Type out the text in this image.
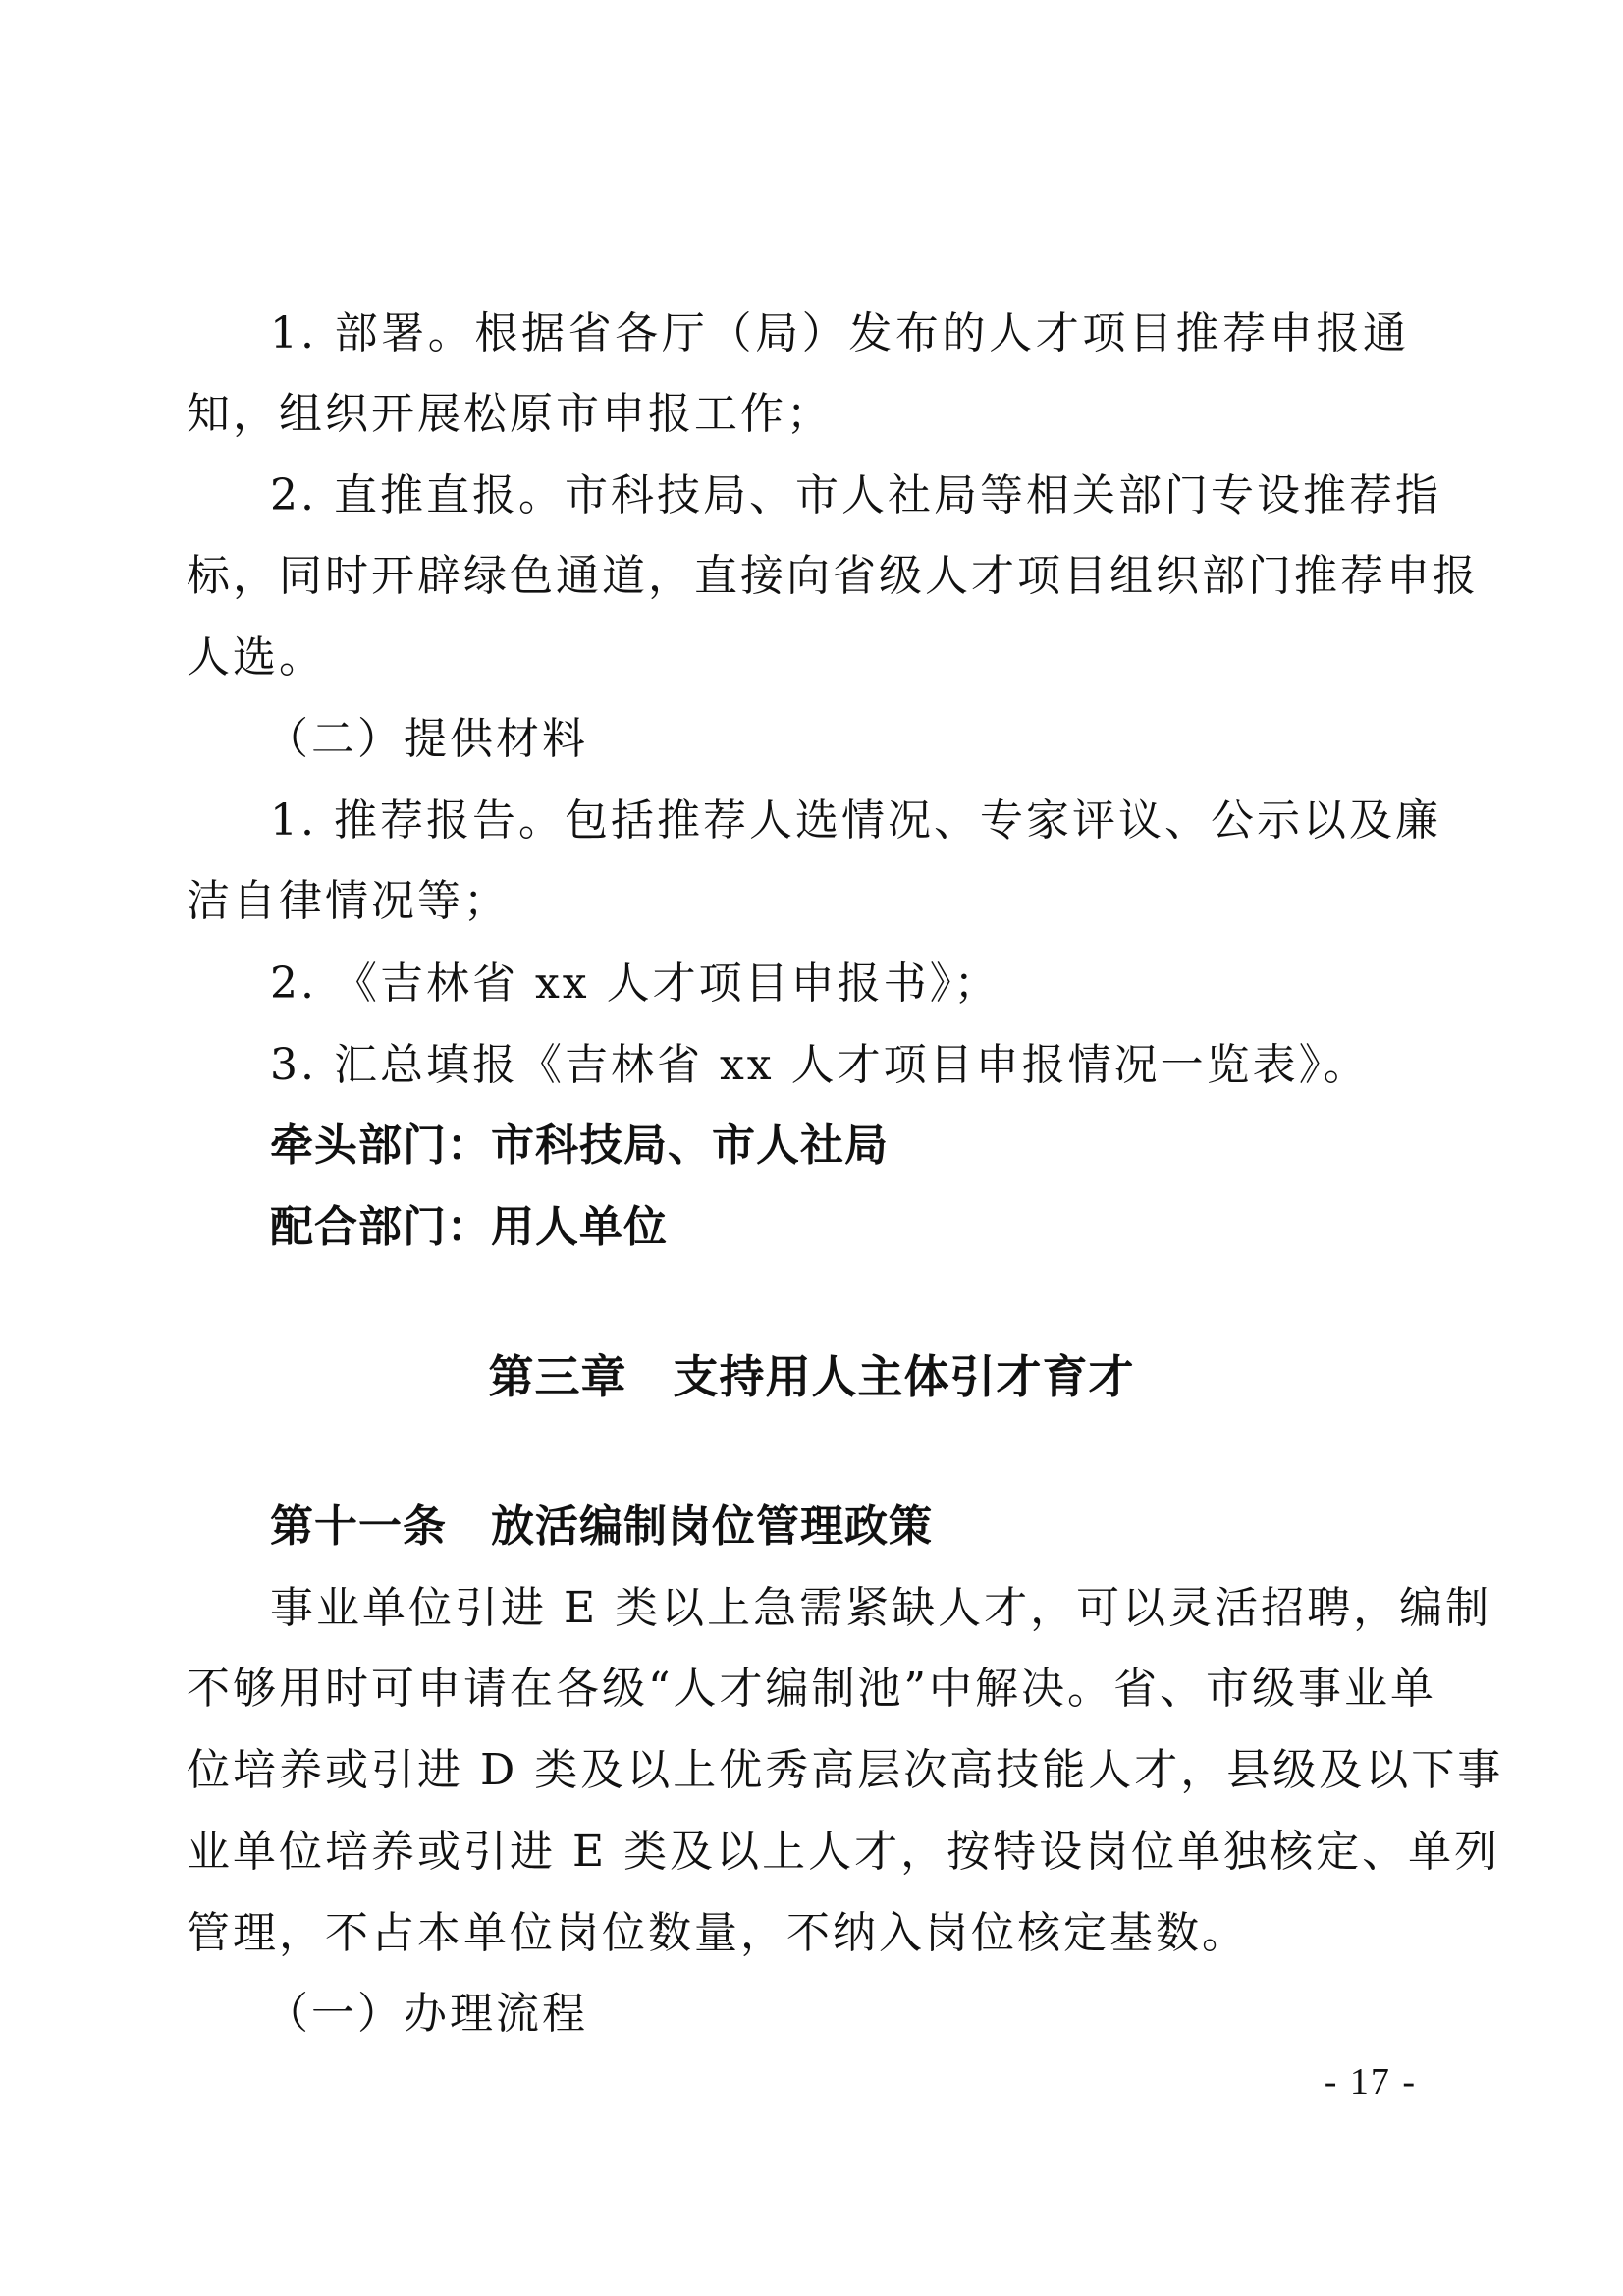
1. 部署。根据省各厅（局）发布的人才项目推荐申报通
知，组织开展松原市申报工作；
2. 直推直报。市科技局、市人社局等相关部门专设推荐指
标，同时开辟绿色通道，直接向省级人才项目组织部门推荐申报
人选。
（二）提供材料
1. 推荐报告。包括推荐人选情况、专家评议、公示以及廉
洁自律情况等；
2. 《吉林省 xx 人才项目申报书》；
3. 汇总填报《吉林省 xx 人才项目申报情况一览表》。
牵头部门：市科技局、市人社局
配合部门：用人单位
第三章　支持用人主体引才育才
第十一条　放活编制岗位管理政策
事业单位引进 E 类以上急需紧缺人才，可以灵活招聘，编制
不够用时可申请在各级“人才编制池”中解决。省、市级事业单
位培养或引进 D 类及以上优秀高层次高技能人才，县级及以下事
业单位培养或引进 E 类及以上人才，按特设岗位单独核定、单列
管理，不占本单位岗位数量，不纳入岗位核定基数。
（一）办理流程
- 17 -
